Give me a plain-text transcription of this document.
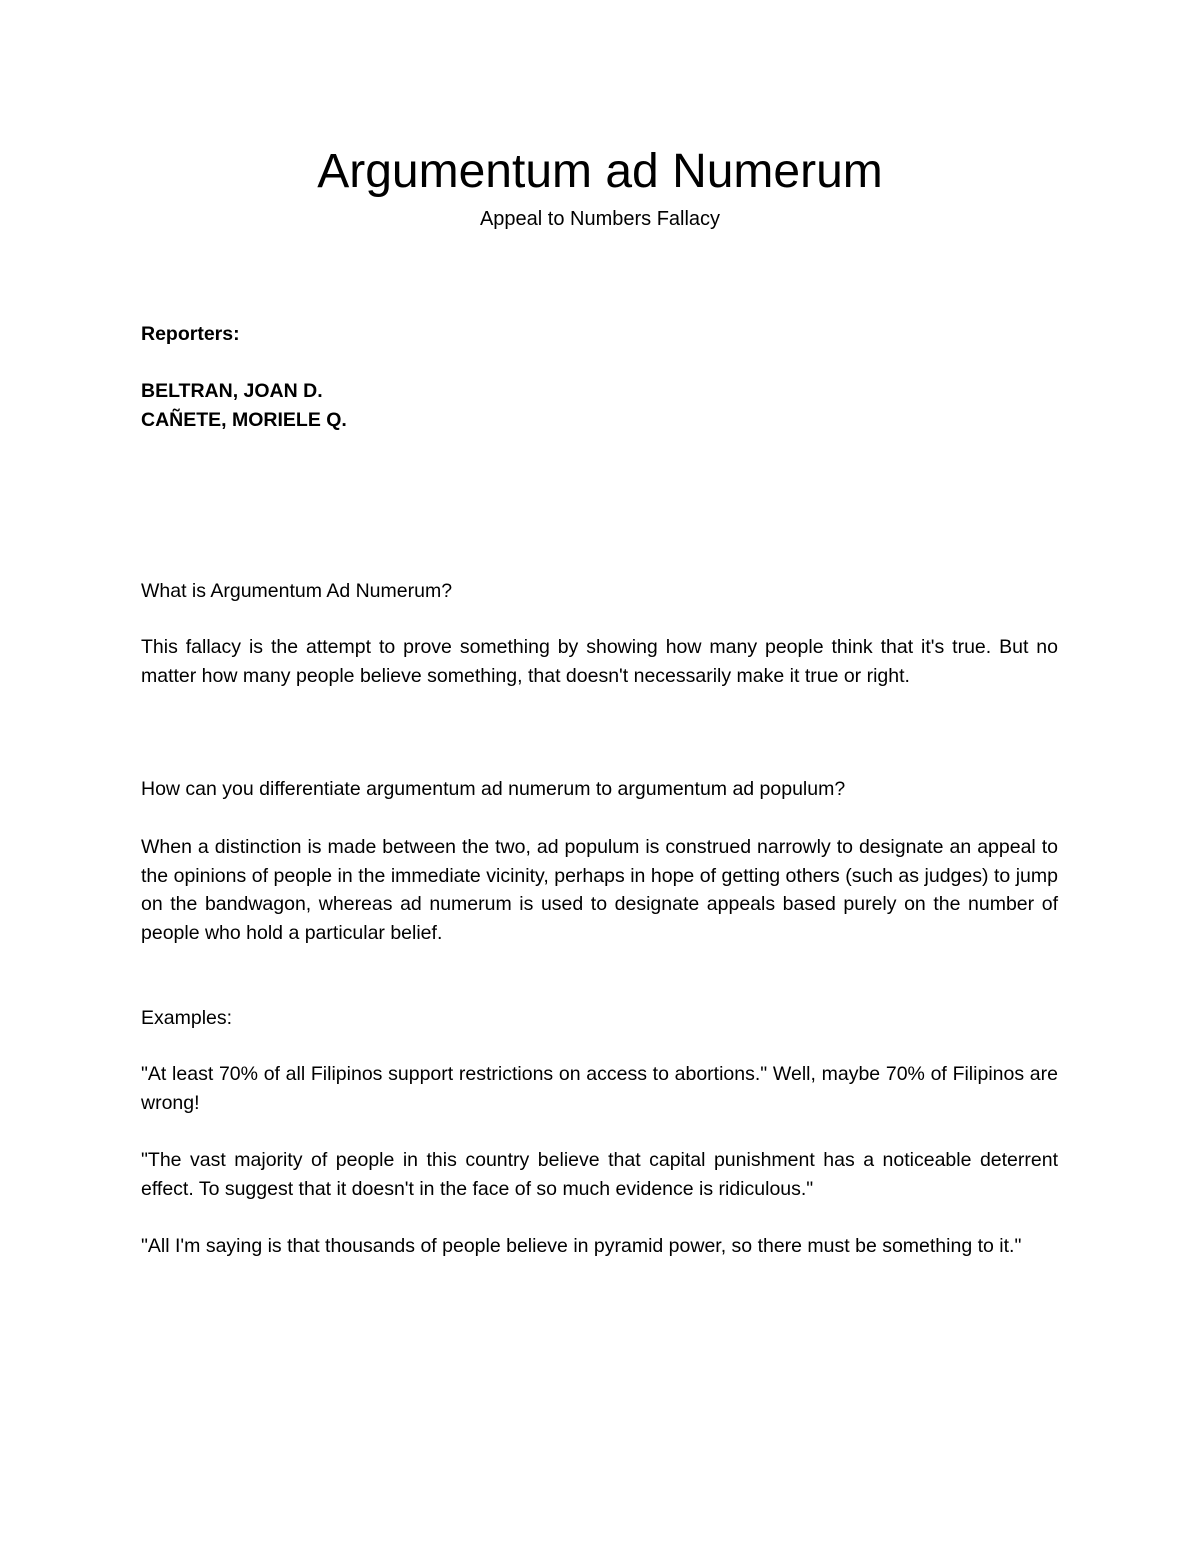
Argumentum ad Numerum

Appeal to Numbers Fallacy

Reporters:

BELTRAN, JOAN D.

CAÑETE, MORIELE Q.

What is Argumentum Ad Numerum?

This fallacy is the attempt to prove something by showing how many people think that it's true. But no matter how many people believe something, that doesn't necessarily make it true or right.

How can you differentiate argumentum ad numerum to argumentum ad populum?

When a distinction is made between the two, ad populum is construed narrowly to designate an appeal to the opinions of people in the immediate vicinity, perhaps in hope of getting others (such as judges) to jump on the bandwagon, whereas ad numerum is used to designate appeals based purely on the number of people who hold a particular belief.

Examples:

"At least 70% of all Filipinos support restrictions on access to abortions." Well, maybe 70% of Filipinos are wrong!

"The vast majority of people in this country believe that capital punishment has a noticeable deterrent effect. To suggest that it doesn't in the face of so much evidence is ridiculous."

"All I'm saying is that thousands of people believe in pyramid power, so there must be something to it."
